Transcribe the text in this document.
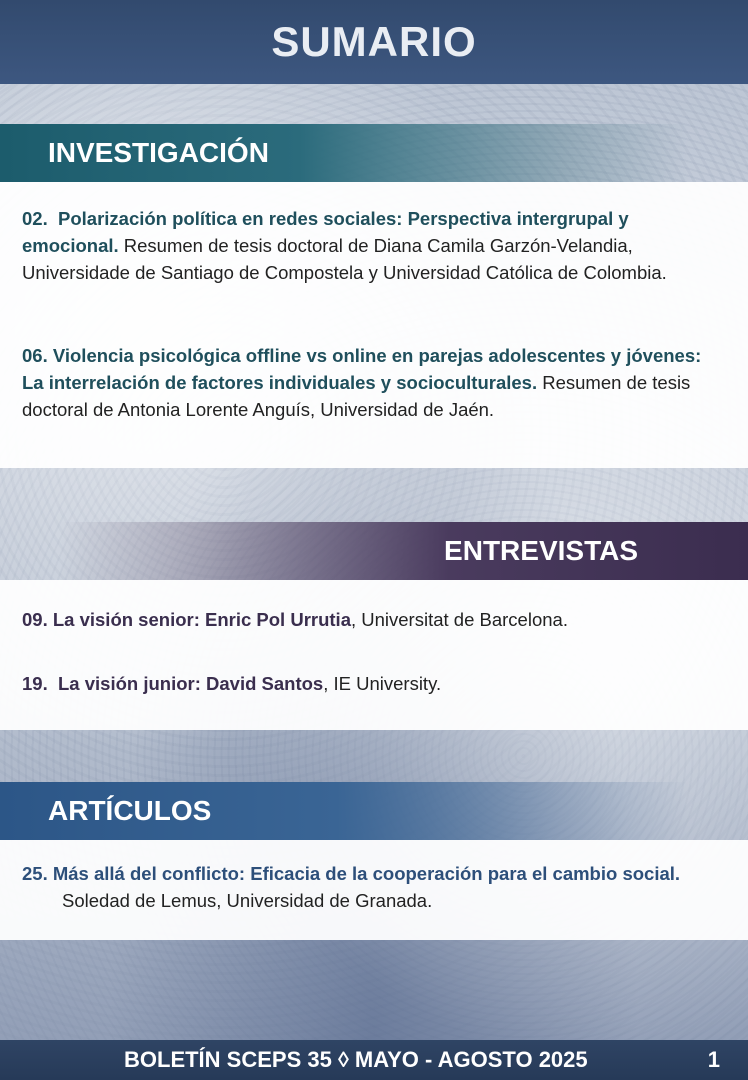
SUMARIO
INVESTIGACIÓN
02. Polarización política en redes sociales: Perspectiva intergrupal y emocional. Resumen de tesis doctoral de Diana Camila Garzón-Velandia, Universidade de Santiago de Compostela y Universidad Católica de Colombia.
06. Violencia psicológica offline vs online en parejas adolescentes y jóvenes: La interrelación de factores individuales y socioculturales. Resumen de tesis doctoral de Antonia Lorente Anguís, Universidad de Jaén.
ENTREVISTAS
09. La visión senior: Enric Pol Urrutia, Universitat de Barcelona.
19. La visión junior: David Santos, IE University.
ARTÍCULOS
25. Más allá del conflicto: Eficacia de la cooperación para el cambio social.
Soledad de Lemus, Universidad de Granada.
BOLETÍN SCEPS 35 ◊ MAYO - AGOSTO 2025	1
